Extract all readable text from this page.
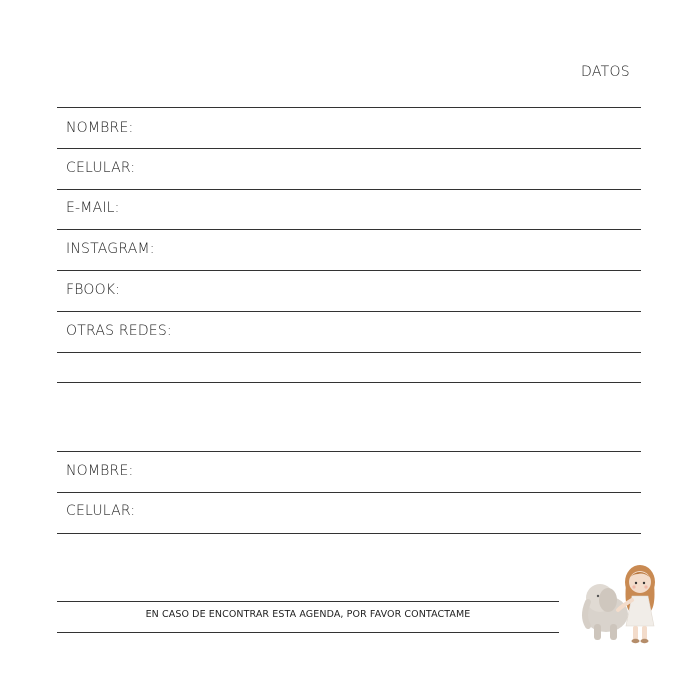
DATOS
NOMBRE:
CELULAR:
E-MAIL:
INSTAGRAM:
FBOOK:
OTRAS REDES:
NOMBRE:
CELULAR:
EN CASO DE ENCONTRAR ESTA AGENDA, POR FAVOR CONTACTAME
